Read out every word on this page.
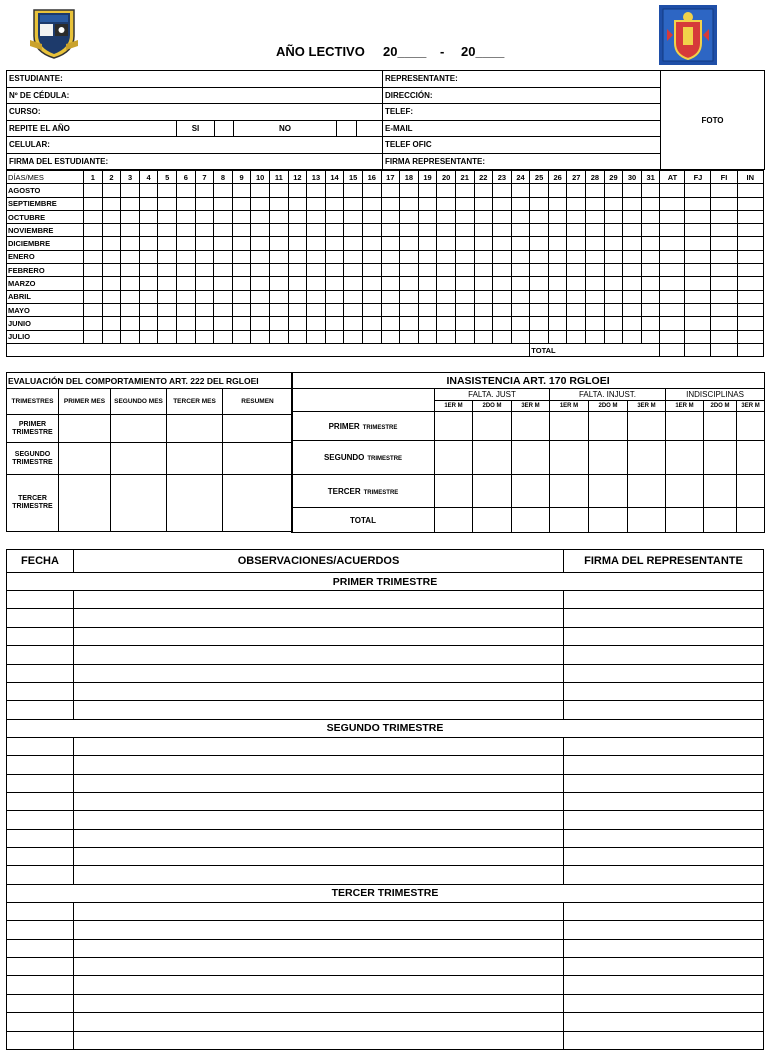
AÑO LECTIVO 20____ - 20____
ESTUDIANTE:						REPRESENTANTE:	FOTO
Nº DE CÉDULA:						DIRECCIÓN:	
CURSO:						TELEF:	
REPITE EL AÑO	SI		NO			E-MAIL	
CELULAR:						TELEF OFIC	
FIRMA DEL ESTUDIANTE:						FIRMA REPRESENTANTE:	
DÍAS/MES	1	2	3	4	5	6	7	8	9	10	11	12	13	14	15	16	17	18	19	20	21	22	23	24	25	26	27	28	29	30	31	AT	FJ	FI	IN
AGOSTO																																			
SEPTIEMBRE																																			
OCTUBRE																																			
NOVIEMBRE																																			
DICIEMBRE																																			
ENERO																																			
FEBRERO																																			
MARZO																																			
ABRIL																																			
MAYO																																			
JUNIO																																			
JULIO																																			
																									TOTAL										
EVALUACIÓN DEL COMPORTAMIENTO ART. 222 DEL RGLOEI				
TRIMESTRES	PRIMER MES	SEGUNDO MES	TERCER MES	RESUMEN
PRIMER TRIMESTRE				
SEGUNDO TRIMESTRE				
TERCER TRIMESTRE				
INASISTENCIA ART. 170 RGLOEI									
	FALTA. JUST			FALTA. INJUST.			INDISCIPLINAS		
	1ER M	2DO M	3ER M	1ER M	2DO M	3ER M	1ER M	2DO M	3ER M
PRIMER TRIMESTRE									
SEGUNDO TRIMESTRE									
TERCER TRIMESTRE									
TOTAL									
FECHA	OBSERVACIONES/ACUERDOS	FIRMA DEL REPRESENTANTE
PRIMER TRIMESTRE		

SEGUNDO TRIMESTRE		

TERCER TRIMESTRE		
